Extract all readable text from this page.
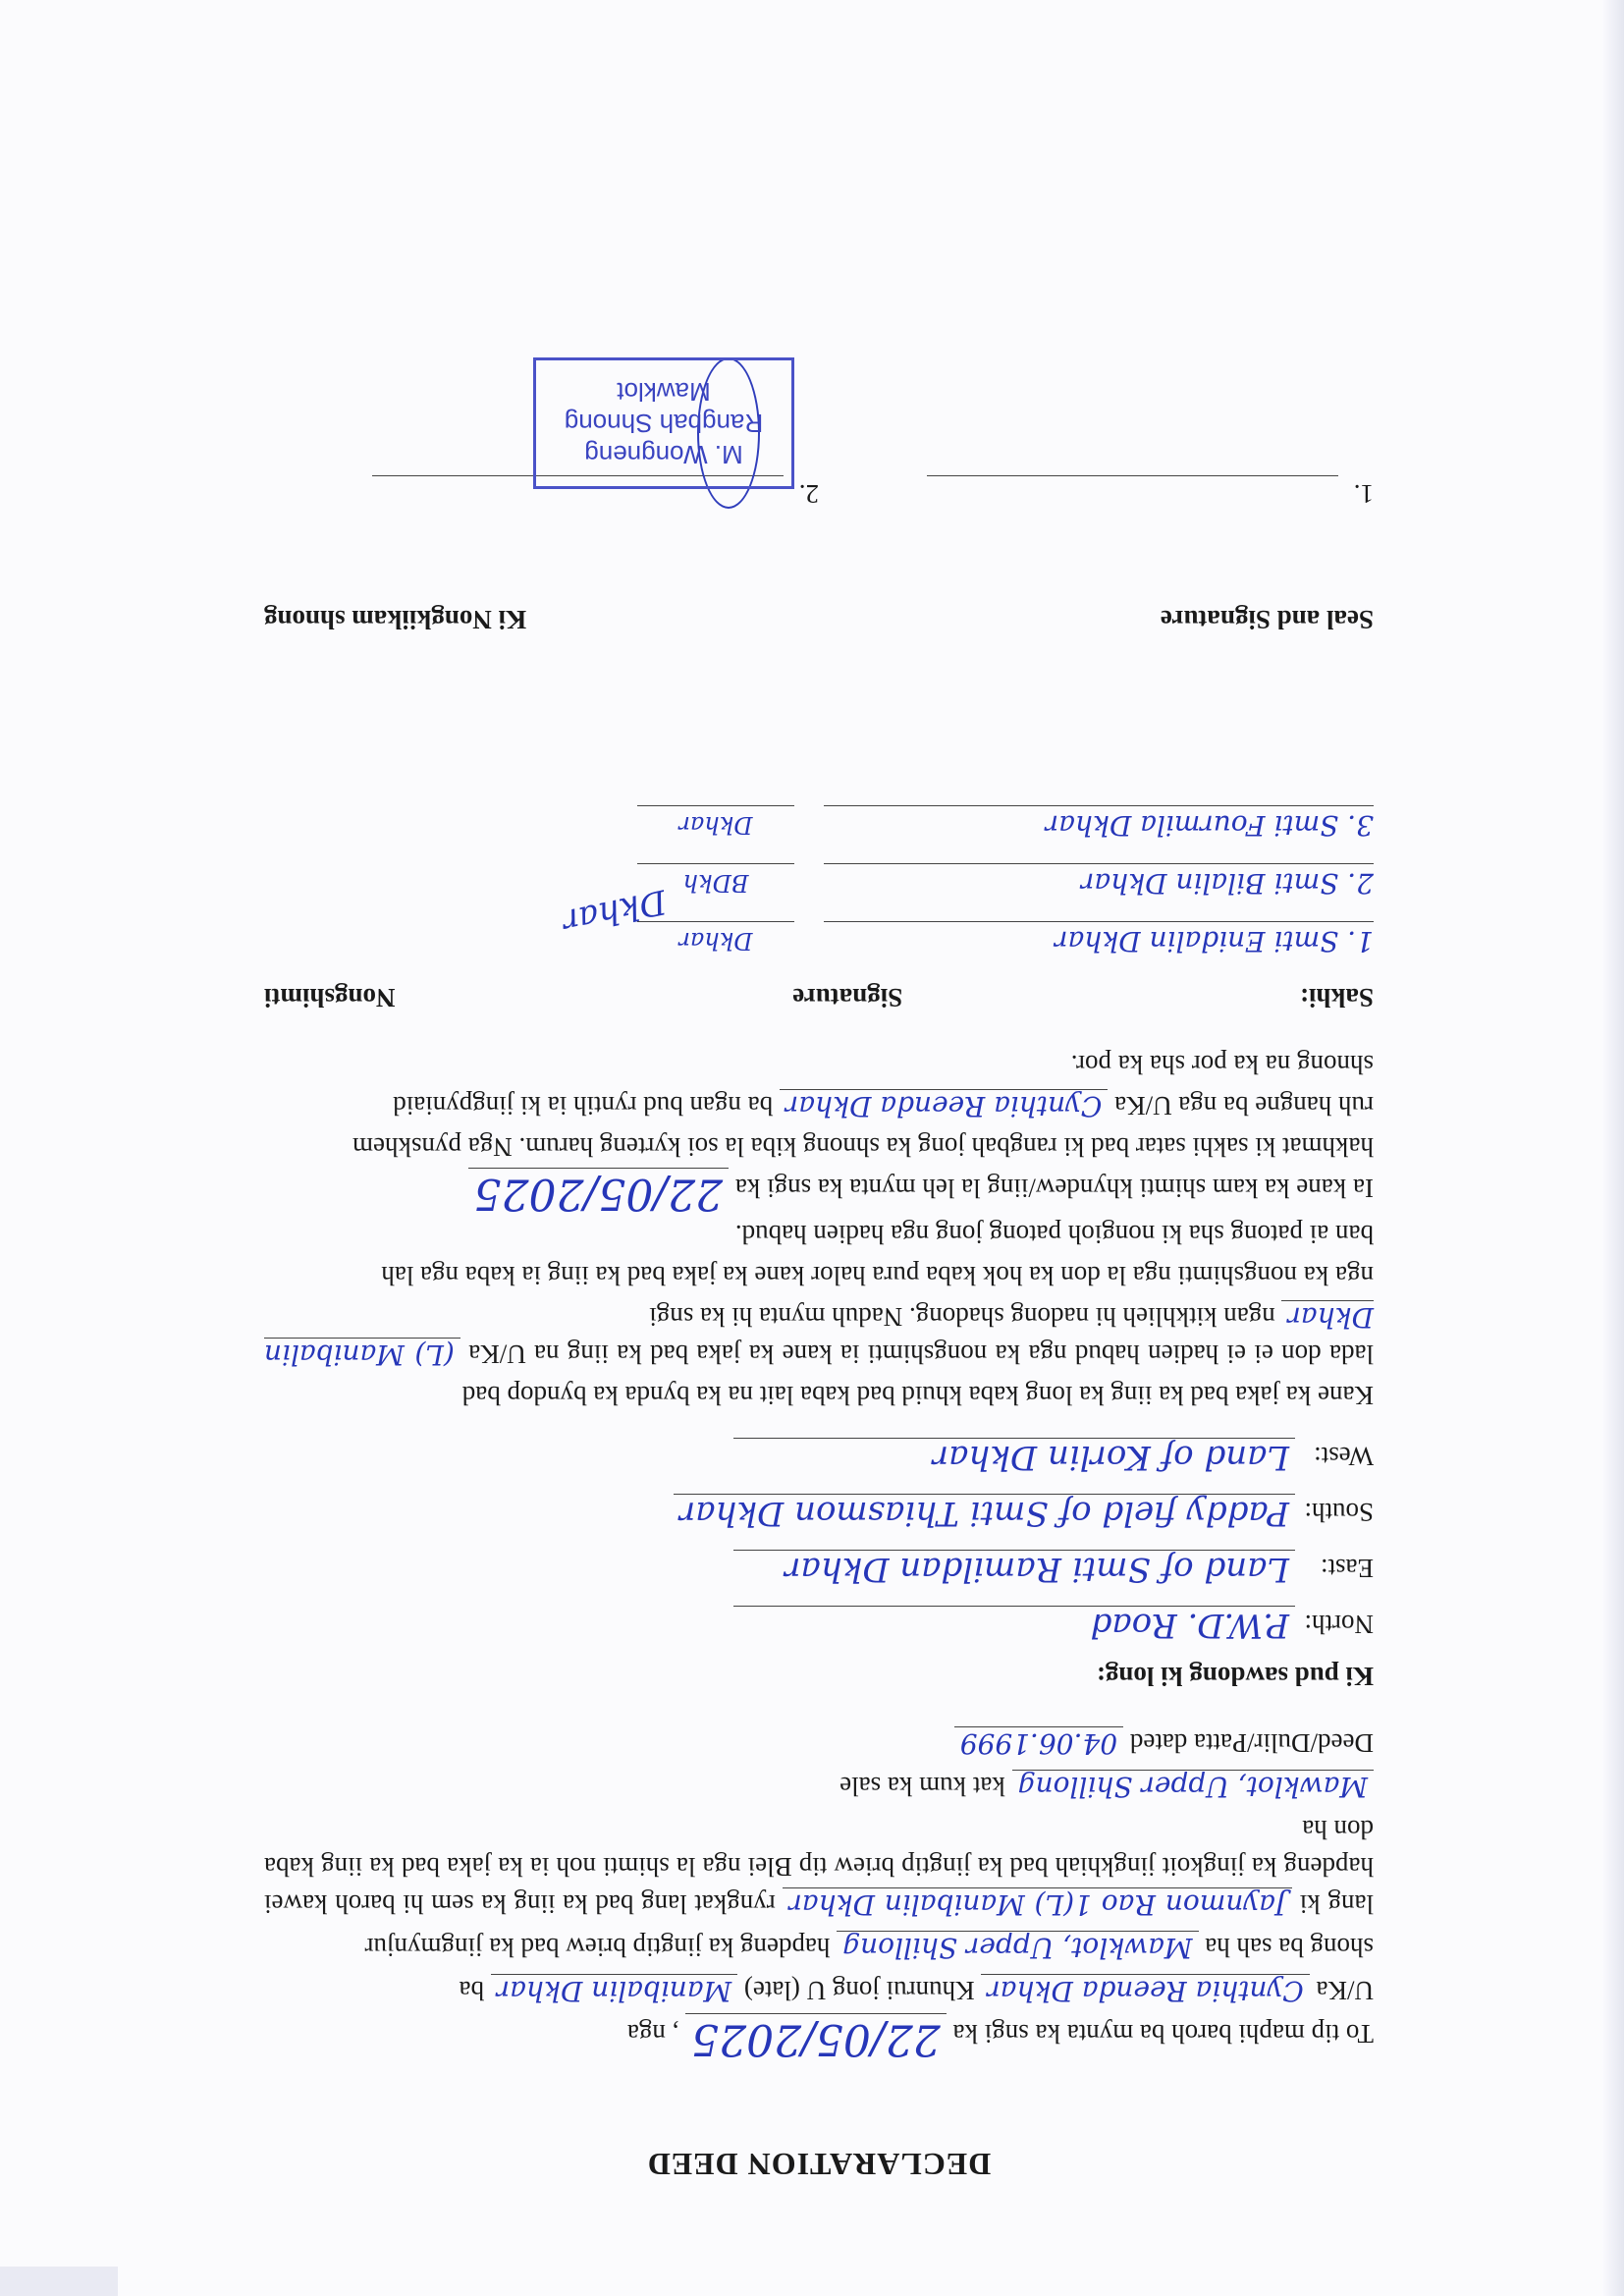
DECLARATION DEED

To tip maphi baroh ba mynta ka sngi ka 22/05/2025 , nga

U/Ka Cynthia Reenda Dkhar Khunrui jong U (late) Manibalin Dkhar ba

shong ba sah ha Mawklot, Upper Shillong hapdeng ka jingtip briew bad ka jingmynjur

lang ki Jaynmon Rao 1(L) Manibalin Dkhar ryngkat lang bad ka iing ka sem hi baroh kawei hapdeng ka jingkoit jingkhiah bad ka jingtip briew tip Blei nga la shimti noh ia ka jaka bad ka iing kaba don ha

Mawklot, Upper Shillong kat kum ka sale

Deed/Dulir/Patta dated 04.06.1999

Ki pud sawdong ki long:
North:
P.W.D. Road
East:
Land of Smti Ramildan Dkhar
South:
Paddy field of Smti Thiasmon Dkhar
West:
Land of Korlin Dkhar

Kane ka jaka bad ka iing ka long kaba khuid bad kaba lait na ka bynda ka byndop bad

lada don ei ei hadien habud nga ka nongshimti ia kane ka jaka bad ka iing na U/Ka (L) Manibalin Dkhar ngan kitkhlieh hi nadong shadong. Naduh mynta hi ka sngi

nga ka nongshimti nga la don ka hok kaba pura halor kane ka jaka bad ka iing ia kaba nga lah

ban ai patong sha ki nongioh patong jong nga hadien habud.

Ia kane ka kam shimti khyndew/iing la leh mynta ka sngi ka 22/05/2025

hakhmat ki sakhi satar bad ki rangbah jong ka shnong kiba la soi kyrteng harum. Nga pynskhem

ruh hangne ba nga U/Ka Cynthia Reenda Dkhar ba ngan bud ryntih ia ki jingpyniaid

shnong na ka por sha ka por.

Sakhi:
Signature
Nongshimti
1. Smti Enidalin Dkhar
Dkhar
2. Smti Bilalin Dkhar
BDkh
3. Smti Fourmila Dkhar
Dkhar
Seal and Signature
Ki Nongkiikam shnong
1.
2.
Dkhar
M. Wongneng
Rangbah Shnong
Mawklot
